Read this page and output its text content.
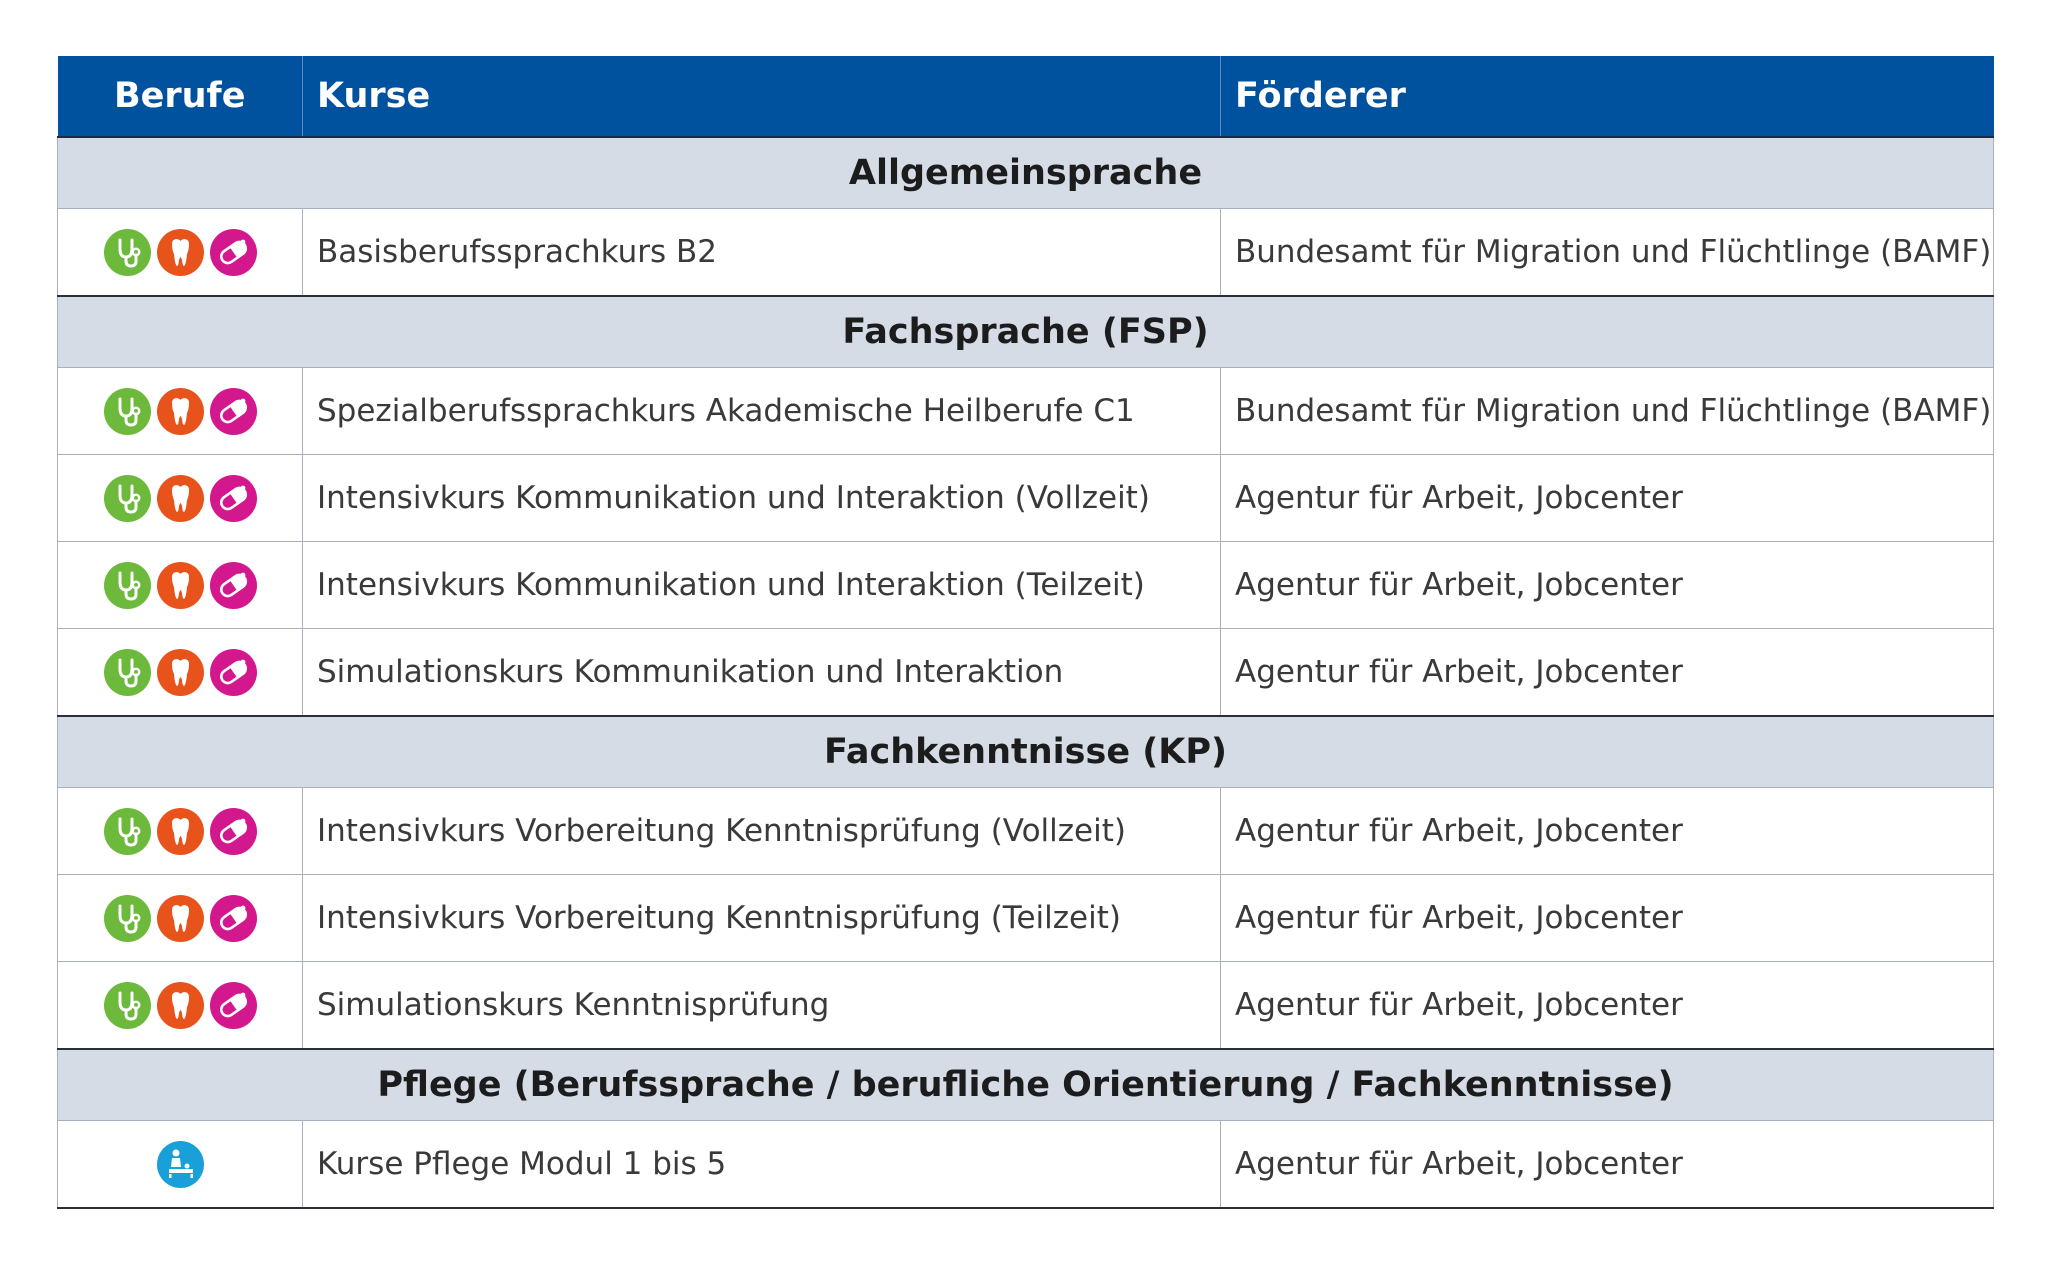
Berufe	Kurse	Förderer
Allgemeinsprache		

	Basisberufssprachkurs B2	Bundesamt für Migration und Flüchtlinge (BAMF)
Fachsprache (FSP)		

	Spezialberufssprachkurs Akademische Heilberufe C1	Bundesamt für Migration und Flüchtlinge (BAMF)

	Intensivkurs Kommunikation und Interaktion (Vollzeit)	Agentur für Arbeit, Jobcenter

	Intensivkurs Kommunikation und Interaktion (Teilzeit)	Agentur für Arbeit, Jobcenter

	Simulationskurs Kommunikation und Interaktion	Agentur für Arbeit, Jobcenter
Fachkenntnisse (KP)		

	Intensivkurs Vorbereitung Kenntnisprüfung (Vollzeit)	Agentur für Arbeit, Jobcenter

	Intensivkurs Vorbereitung Kenntnisprüfung (Teilzeit)	Agentur für Arbeit, Jobcenter

	Simulationskurs Kenntnisprüfung	Agentur für Arbeit, Jobcenter
Pflege (Berufssprache / berufliche Orientierung / Fachkenntnisse)		

	Kurse Pflege Modul 1 bis 5	Agentur für Arbeit, Jobcenter
